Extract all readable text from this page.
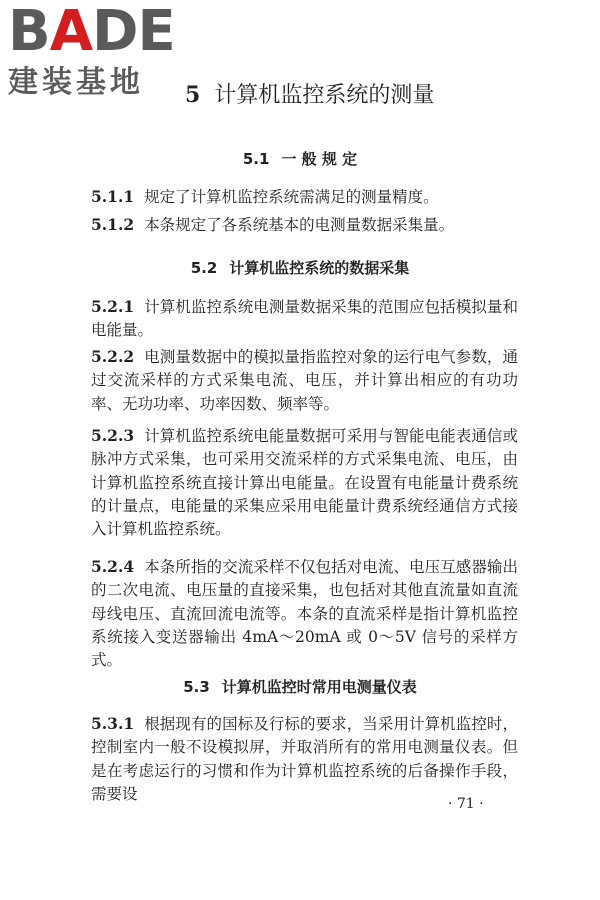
BADE
建装基地	5 计算机监控系统的测量
5.1 一 般 规 定
5.1.1 规定了计算机监控系统需满足的测量精度。
5.1.2 本条规定了各系统基本的电测量数据采集量。
5.2 计算机监控系统的数据采集
5.2.1 计算机监控系统电测量数据采集的范围应包括模拟量和电能量。
5.2.2 电测量数据中的模拟量指监控对象的运行电气参数，通过交流采样的方式采集电流、电压，并计算出相应的有功功率、无功功率、功率因数、频率等。
5.2.3 计算机监控系统电能量数据可采用与智能电能表通信或脉冲方式采集，也可采用交流采样的方式采集电流、电压，由计算机监控系统直接计算出电能量。在设置有电能量计费系统的计量点，电能量的采集应采用电能量计费系统经通信方式接入计算机监控系统。
5.2.4 本条所指的交流采样不仅包括对电流、电压互感器输出的二次电流、电压量的直接采集，也包括对其他直流量如直流母线电压、直流回流电流等。本条的直流采样是指计算机监控系统接入变送器输出 4mA～20mA 或 0～5V 信号的采样方式。
5.3 计算机监控时常用电测量仪表
5.3.1 根据现有的国标及行标的要求，当采用计算机监控时，控制室内一般不设模拟屏，并取消所有的常用电测量仪表。但是在考虑运行的习惯和作为计算机监控系统的后备操作手段，需要设
· 71 ·
